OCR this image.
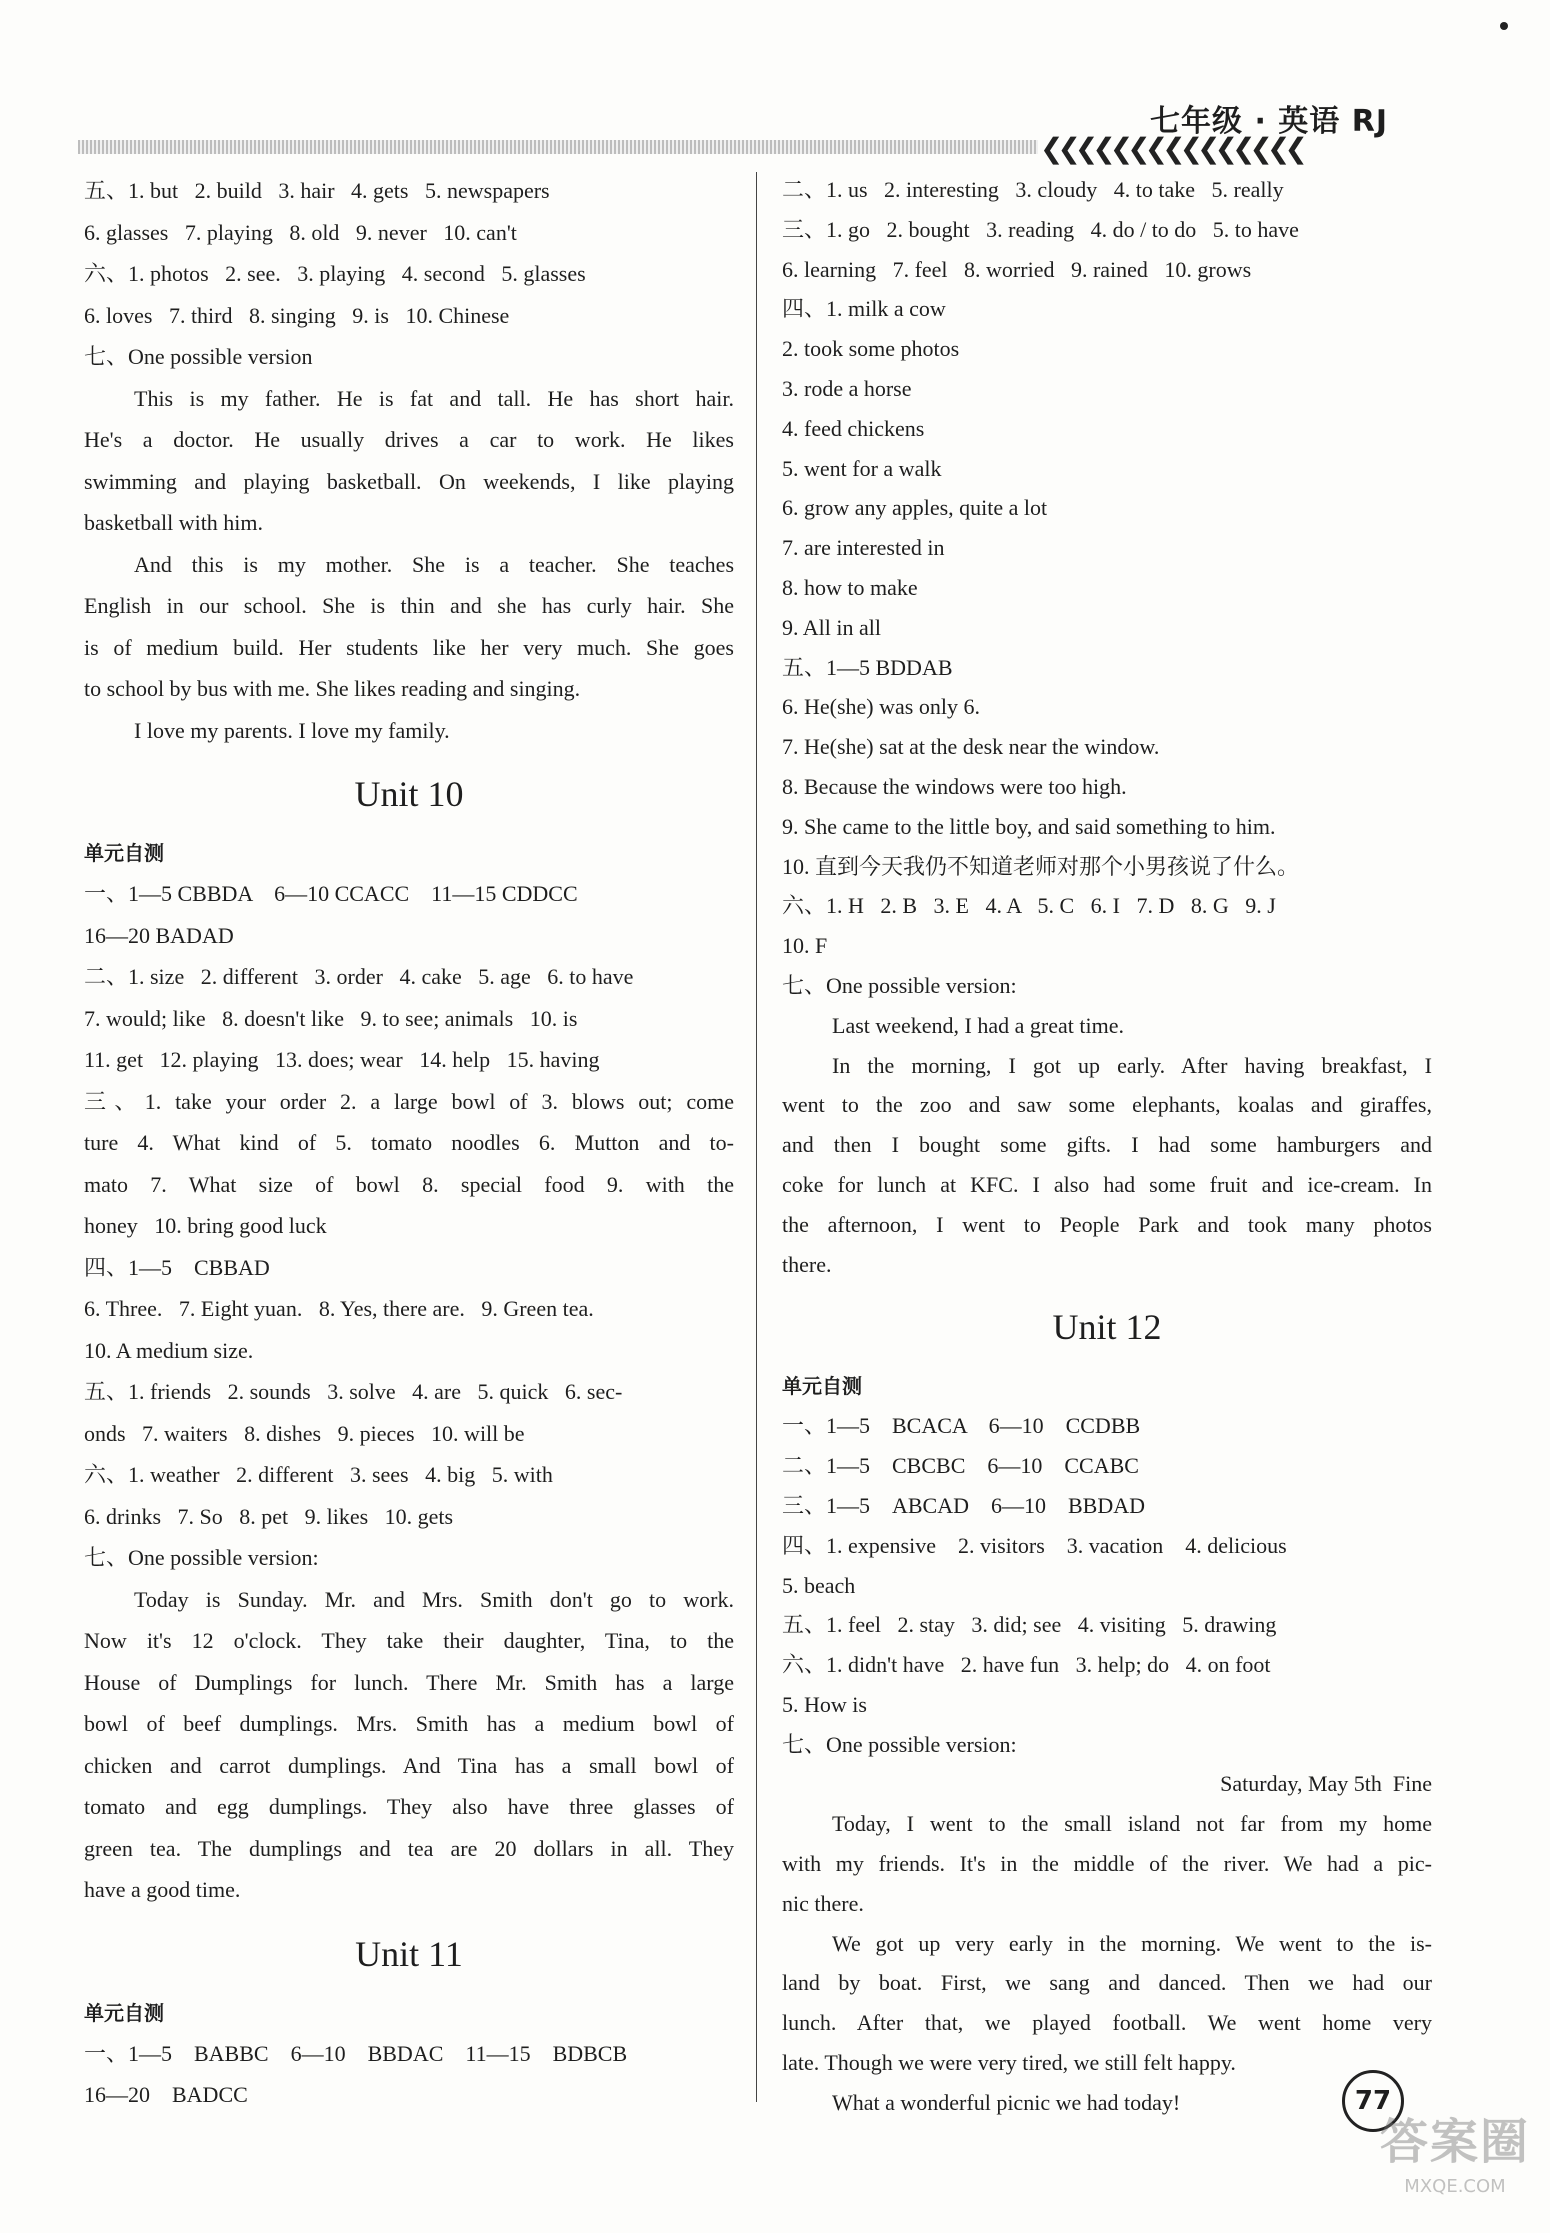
七年级 · 英语 RJ
❮❮❮❮❮❮❮❮❮❮❮❮❮❮❮
五、1. but   2. build   3. hair   4. gets   5. newspapers
6. glasses   7. playing   8. old   9. never   10. can't
六、1. photos   2. see.   3. playing   4. second   5. glasses
6. loves   7. third   8. singing   9. is   10. Chinese
七、One possible version
This is my father. He is fat and tall. He has short hair.
He's a doctor. He usually drives a car to work. He likes
swimming and playing basketball. On weekends, I like playing
basketball with him.
And this is my mother. She is a teacher. She teaches
English in our school. She is thin and she has curly hair. She
is of medium build. Her students like her very much. She goes
to school by bus with me. She likes reading and singing.
I love my parents. I love my family.
Unit 10
单元自测
一、1—5 CBBDA    6—10 CCACC    11—15 CDDCC
16—20 BADAD
二、1. size   2. different   3. order   4. cake   5. age   6. to have
7. would; like   8. doesn't like   9. to see; animals   10. is
11. get   12. playing   13. does; wear   14. help   15. having
三、1. take your order 2. a large bowl of 3. blows out; come
ture 4. What kind of 5. tomato noodles 6. Mutton and to-
mato 7. What size of bowl 8. special food 9. with the
honey   10. bring good luck
四、1—5    CBBAD
6. Three.   7. Eight yuan.   8. Yes, there are.   9. Green tea.
10. A medium size.
五、1. friends   2. sounds   3. solve   4. are   5. quick   6. sec-
onds   7. waiters   8. dishes   9. pieces   10. will be
六、1. weather   2. different   3. sees   4. big   5. with
6. drinks   7. So   8. pet   9. likes   10. gets
七、One possible version:
Today is Sunday. Mr. and Mrs. Smith don't go to work.
Now it's 12 o'clock. They take their daughter, Tina, to the
House of Dumplings for lunch. There Mr. Smith has a large
bowl of beef dumplings. Mrs. Smith has a medium bowl of
chicken and carrot dumplings. And Tina has a small bowl of
tomato and egg dumplings. They also have three glasses of
green tea. The dumplings and tea are 20 dollars in all. They
have a good time.
Unit 11
单元自测
一、1—5    BABBC    6—10    BBDAC    11—15    BDBCB
16—20    BADCC
二、1. us   2. interesting   3. cloudy   4. to take   5. really
三、1. go   2. bought   3. reading   4. do / to do   5. to have
6. learning   7. feel   8. worried   9. rained   10. grows
四、1. milk a cow
2. took some photos
3. rode a horse
4. feed chickens
5. went for a walk
6. grow any apples, quite a lot
7. are interested in
8. how to make
9. All in all
五、1—5 BDDAB
6. He(she) was only 6.
7. He(she) sat at the desk near the window.
8. Because the windows were too high.
9. She came to the little boy, and said something to him.
10. 直到今天我仍不知道老师对那个小男孩说了什么。
六、1. H   2. B   3. E   4. A   5. C   6. I   7. D   8. G   9. J
10. F
七、One possible version:
Last weekend, I had a great time.
In the morning, I got up early. After having breakfast, I
went to the zoo and saw some elephants, koalas and giraffes,
and then I bought some gifts. I had some hamburgers and
coke for lunch at KFC. I also had some fruit and ice-cream. In
the afternoon, I went to People Park and took many photos
there.
Unit 12
单元自测
一、1—5    BCACA    6—10    CCDBB
二、1—5    CBCBC    6—10    CCABC
三、1—5    ABCAD    6—10    BBDAD
四、1. expensive    2. visitors    3. vacation    4. delicious
5. beach
五、1. feel   2. stay   3. did; see   4. visiting   5. drawing
六、1. didn't have   2. have fun   3. help; do   4. on foot
5. How is
七、One possible version:
Saturday, May 5th  Fine
Today, I went to the small island not far from my home
with my friends. It's in the middle of the river. We had a pic-
nic there.
We got up very early in the morning. We went to the is-
land by boat. First, we sang and danced. Then we had our
lunch. After that, we played football. We went home very
late. Though we were very tired, we still felt happy.
What a wonderful picnic we had today!	77
答案圈
MXQE.COM
